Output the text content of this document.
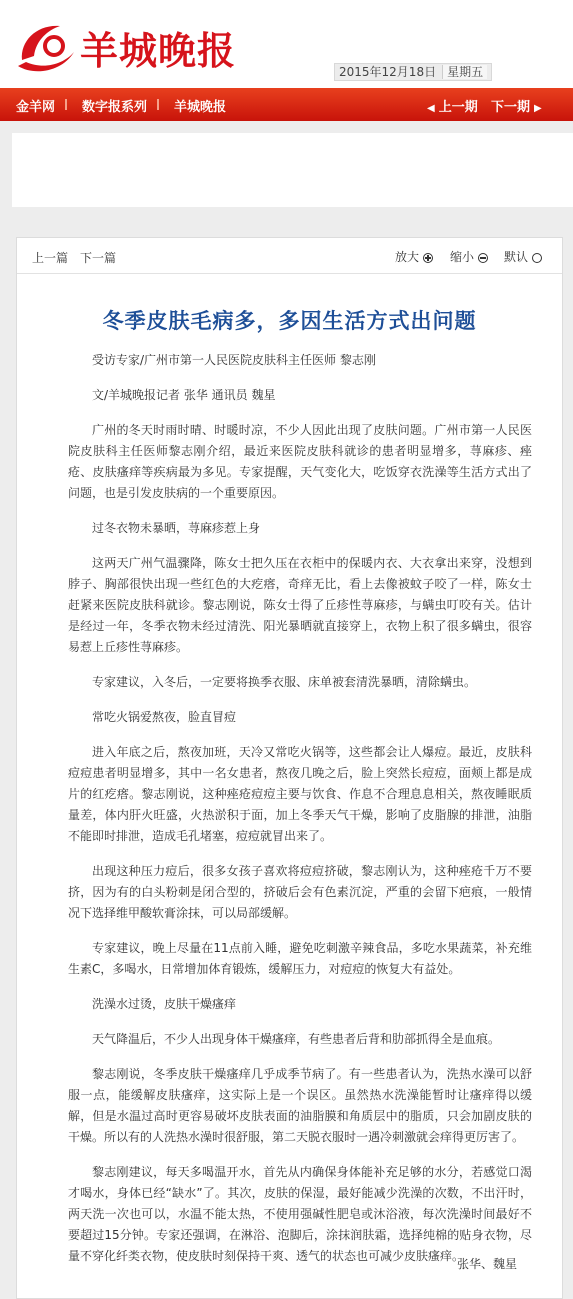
羊城晚报	2015年12月18日 星期五
金羊网 数字报系列 羊城晚报	◀ 上一期 下一期 ▶
上一篇 下一篇	放大	缩小	默认
冬季皮肤毛病多，多因生活方式出问题

受访专家/广州市第一人民医院皮肤科主任医师 黎志刚

文/羊城晚报记者 张华 通讯员 魏星

广州的冬天时雨时晴、时暖时凉，不少人因此出现了皮肤问题。广州市第一人民医院皮肤科主任医师黎志刚介绍，最近来医院皮肤科就诊的患者明显增多，荨麻疹、痤疮、皮肤瘙痒等疾病最为多见。专家提醒，天气变化大，吃饭穿衣洗澡等生活方式出了问题，也是引发皮肤病的一个重要原因。

过冬衣物未暴晒，荨麻疹惹上身

这两天广州气温骤降，陈女士把久压在衣柜中的保暖内衣、大衣拿出来穿，没想到脖子、胸部很快出现一些红色的大疙瘩，奇痒无比，看上去像被蚊子咬了一样，陈女士赶紧来医院皮肤科就诊。黎志刚说，陈女士得了丘疹性荨麻疹，与螨虫叮咬有关。估计是经过一年，冬季衣物未经过清洗、阳光暴晒就直接穿上，衣物上积了很多螨虫，很容易惹上丘疹性荨麻疹。

专家建议，入冬后，一定要将换季衣服、床单被套清洗暴晒，清除螨虫。

常吃火锅爱熬夜，脸直冒痘

进入年底之后，熬夜加班，天冷又常吃火锅等，这些都会让人爆痘。最近，皮肤科痘痘患者明显增多，其中一名女患者，熬夜几晚之后，脸上突然长痘痘，面颊上都是成片的红疙瘩。黎志刚说，这种痤疮痘痘主要与饮食、作息不合理息息相关，熬夜睡眠质量差，体内肝火旺盛，火热淤积于面，加上冬季天气干燥，影响了皮脂腺的排泄，油脂不能即时排泄，造成毛孔堵塞，痘痘就冒出来了。

出现这种压力痘后，很多女孩子喜欢将痘痘挤破，黎志刚认为，这种痤疮千万不要挤，因为有的白头粉刺是闭合型的，挤破后会有色素沉淀，严重的会留下疤痕，一般情况下选择维甲酸软膏涂抹，可以局部缓解。

专家建议，晚上尽量在11点前入睡，避免吃刺激辛辣食品，多吃水果蔬菜，补充维生素C，多喝水，日常增加体育锻炼，缓解压力，对痘痘的恢复大有益处。

洗澡水过烫，皮肤干燥瘙痒

天气降温后，不少人出现身体干燥瘙痒，有些患者后背和肋部抓得全是血痕。

黎志刚说，冬季皮肤干燥瘙痒几乎成季节病了。有一些患者认为，洗热水澡可以舒服一点，能缓解皮肤瘙痒，这实际上是一个误区。虽然热水洗澡能暂时让瘙痒得以缓解，但是水温过高时更容易破坏皮肤表面的油脂膜和角质层中的脂质，只会加剧皮肤的干燥。所以有的人洗热水澡时很舒服，第二天脱衣服时一遇冷刺激就会痒得更厉害了。

黎志刚建议，每天多喝温开水，首先从内确保身体能补充足够的水分，若感觉口渴才喝水，身体已经“缺水”了。其次，皮肤的保湿，最好能减少洗澡的次数，不出汗时，两天洗一次也可以，水温不能太热，不使用强碱性肥皂或沐浴液，每次洗澡时间最好不要超过15分钟。专家还强调，在淋浴、泡脚后，涂抹润肤霜，选择纯棉的贴身衣物，尽量不穿化纤类衣物，使皮肤时刻保持干爽、透气的状态也可减少皮肤瘙痒。

张华、魏星
